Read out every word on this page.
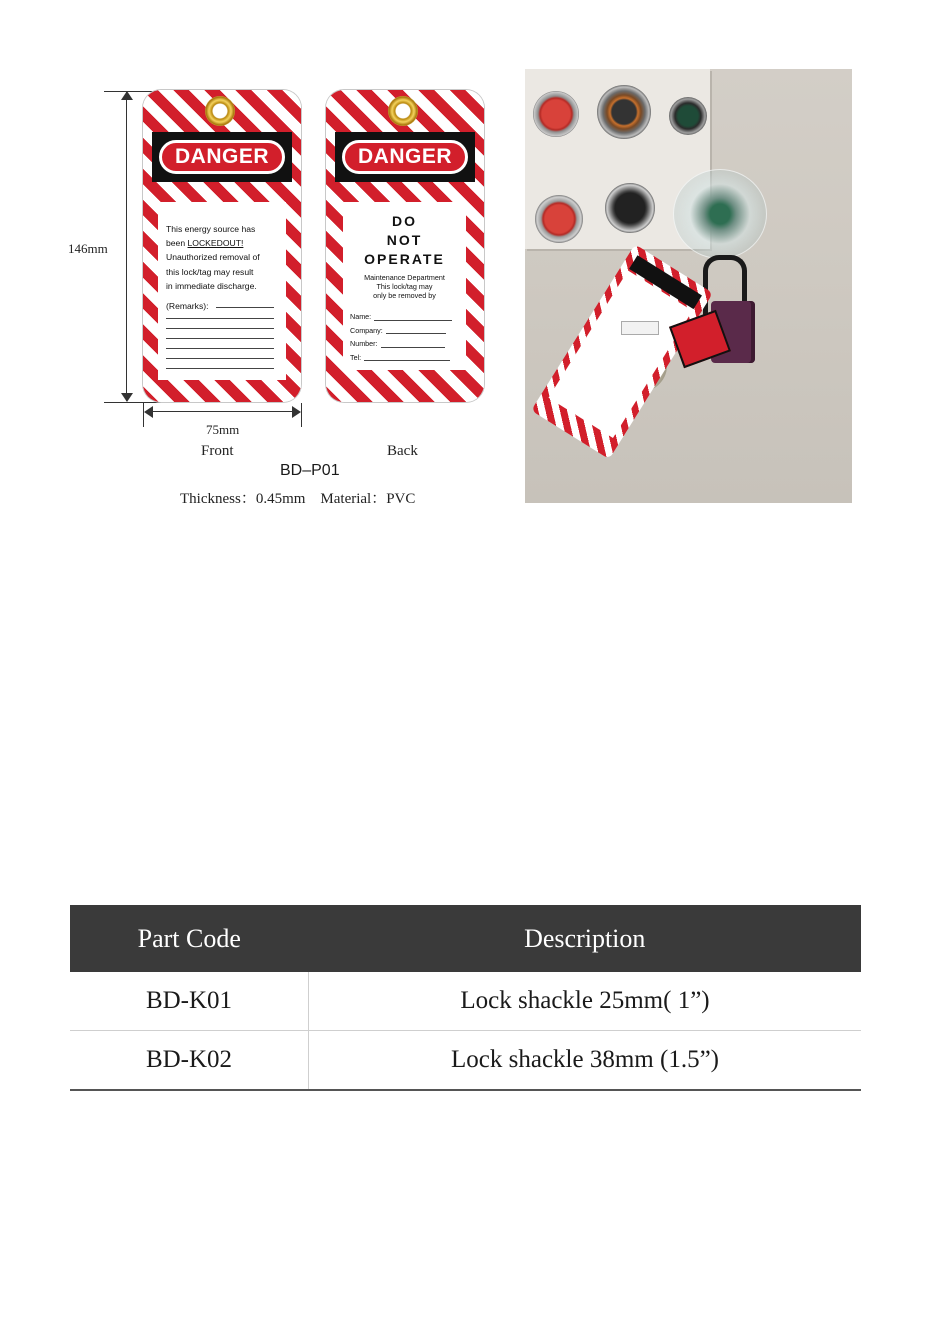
146mm
75mm
DANGER
This energy source has
been LOCKEDOUT!
Unauthorized removal of
this lock/tag may result
in immediate discharge.
(Remarks):
DANGER
DO
NOT
OPERATE
Maintenance Department
This lock/tag may
only be removed by
Name:
Company:
Number:
Tel:
Front	Back
BD–P01
Thickness：0.45mm    Material：PVC
Part Code	Description
BD-K01	Lock shackle 25mm( 1”)
BD-K02	Lock shackle 38mm (1.5”)
